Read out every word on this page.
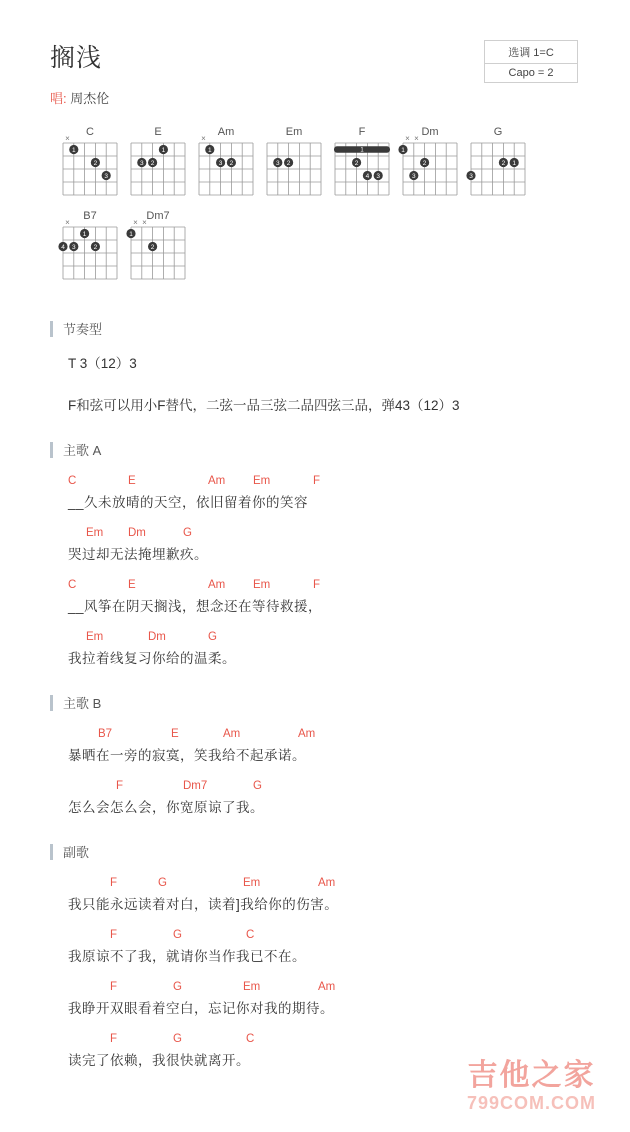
搁浅
唱: 周杰伦
选调 1=C
Capo = 2
C
×
1
2
3
E
1
2
3
Am
×
1
2
3
Em
2
3
F
1
2
3
4
Dm
× ×
1
2
3
G
1
2
3
B7
×
2
3
4
1
Dm7
× ×
1
2
节奏型
T 3（12）3
F和弦可以用小F替代，二弦一品三弦二品四弦三品，弹43（12）3
主歌 A
C	E	Am Em	F
__久未放晴的天空，依旧留着你的笑容
Em Dm	G
哭过却无法掩埋歉疚。
C	E	Am Em	F
__风筝在阴天搁浅，想念还在等待救援，
Em	Dm	G
我拉着线复习你给的温柔。
主歌 B
B7	E	Am	Am
暴晒在一旁的寂寞，笑我给不起承诺。
F	Dm7	G
怎么会怎么会，你宽原谅了我。
副歌
F	G	Em	Am
我只能永远读着对白，读着]我给你的伤害。
F	G	C
我原谅不了我，就请你当作我已不在。
F	G	Em	Am
我睁开双眼看着空白，忘记你对我的期待。
F	G	C
读完了依赖，我很快就离开。	吉他之家
799COM.COM
